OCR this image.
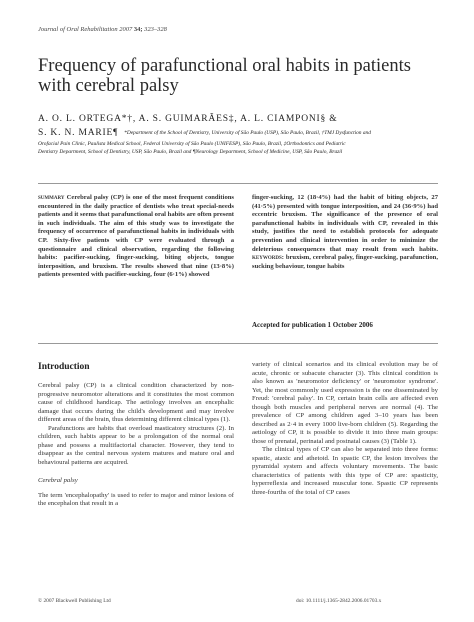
Journal of Oral Rehabilitation 2007 34; 323–328
Frequency of parafunctional oral habits in patients with cerebral palsy
A. O. L. ORTEGA*†, A. S. GUIMARÃES‡, A. L. CIAMPONI§ &
S. K. N. MARIE¶ *Department of the School of Dentistry, University of São Paulo (USP), São Paulo, Brazil, †TMJ Dysfunction and
Orofacial Pain Clinic, Paulista Medical School, Federal University of São Paulo (UNIFESP), São Paulo, Brazil, ‡Orthodontics and Pediatric
Dentistry Department, School of Dentistry, USP, São Paulo, Brazil and ¶Neurology Department, School of Medicine, USP, São Paulo, Brazil
summary Cerebral palsy (CP) is one of the most frequent conditions encountered in the daily practice of dentists who treat special-needs patients and it seems that parafunctional oral habits are often present in such individuals. The aim of this study was to investigate the frequency of occurrence of parafunctional habits in individuals with CP. Sixty-five patients with CP were evaluated through a questionnaire and clinical observation, regarding the following habits: pacifier-sucking, finger-sucking, biting objects, tongue interposition, and bruxism. The results showed that nine (13·8%) patients presented with pacifier-sucking, four (6·1%) showed
finger-sucking, 12 (18·4%) had the habit of biting objects, 27 (41·5%) presented with tongue interposition, and 24 (36·9%) had eccentric bruxism. The significance of the presence of oral parafunctional habits in individuals with CP, revealed in this study, justifies the need to establish protocols for adequate prevention and clinical intervention in order to minimize the deleterious consequences that may result from such habits. keywords: bruxism, cerebral palsy, finger-sucking, parafunction, sucking behaviour, tongue habits
Accepted for publication 1 October 2006
Introduction

Cerebral palsy (CP) is a clinical condition characterized by non-progressive neuromotor alterations and it constitutes the most common cause of childhood handicap. The aetiology involves an encephalic damage that occurs during the child's development and may involve different areas of the brain, thus determining different clinical types (1).

Parafunctions are habits that overload masticatory structures (2). In children, such habits appear to be a prolongation of the normal oral phase and possess a multifactorial character. However, they tend to disappear as the central nervous system matures and mature oral and behavioural patterns are acquired.

Cerebral palsy

The term 'encephalopathy' is used to refer to major and minor lesions of the encephalon that result in a

variety of clinical scenarios and its clinical evolution may be of acute, chronic or subacute character (3). This clinical condition is also known as 'neuromotor deficiency' or 'neuromotor syndrome'. Yet, the most commonly used expression is the one disseminated by Freud: 'cerebral palsy'. In CP, certain brain cells are affected even though both muscles and peripheral nerves are normal (4). The prevalence of CP among children aged 3–10 years has been described as 2·4 in every 1000 live-born children (5). Regarding the aetiology of CP, it is possible to divide it into three main groups: those of prenatal, perinatal and postnatal causes (3) (Table 1).

The clinical types of CP can also be separated into three forms: spastic, ataxic and athetoid. In spastic CP, the lesion involves the pyramidal system and affects voluntary movements. The basic characteristics of patients with this type of CP are: spasticity, hyperreflexia and increased muscular tone. Spastic CP represents three-fourths of the total of CP cases

© 2007 Blackwell Publishing Ltd	doi: 10.1111/j.1365-2842.2006.01703.x
